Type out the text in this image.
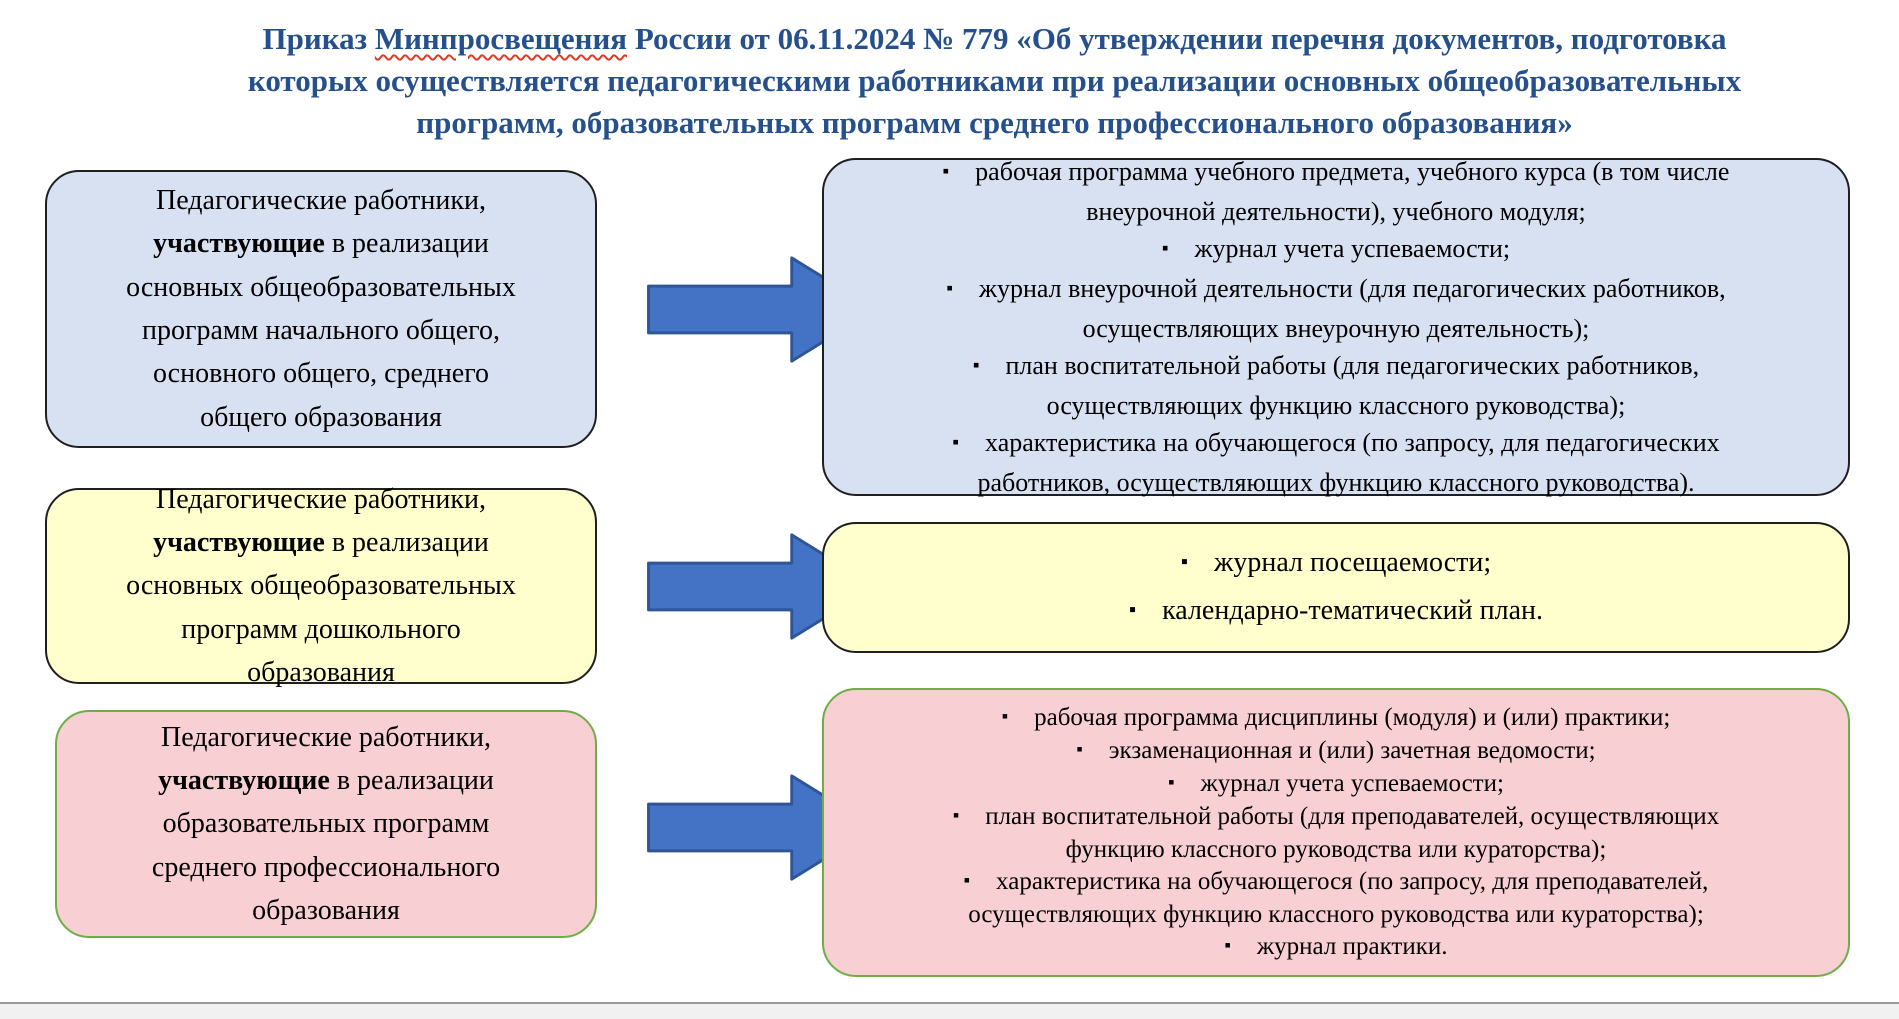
Приказ Минпросвещения России от 06.11.2024 № 779 «Об утверждении перечня документов, подготовка
которых осуществляется педагогическими работниками при реализации основных общеобразовательных
программ, образовательных программ среднего профессионального образования»
Педагогические работники,
участвующие в реализации
основных общеобразовательных
программ начального общего,
основного общего, среднего
общего образования
▪ рабочая программа учебного предмета, учебного курса (в том числе
внеурочной деятельности), учебного модуля;
▪ журнал учета успеваемости;
▪ журнал внеурочной деятельности (для педагогических работников,
осуществляющих внеурочную деятельность);
▪ план воспитательной работы (для педагогических работников,
осуществляющих функцию классного руководства);
▪ характеристика на обучающегося (по запросу, для педагогических
работников, осуществляющих функцию классного руководства).
Педагогические работники,
участвующие в реализации
основных общеобразовательных
программ дошкольного
образования
▪ журнал посещаемости;
▪ календарно-тематический план.
Педагогические работники,
участвующие в реализации
образовательных программ
среднего профессионального
образования
▪ рабочая программа дисциплины (модуля) и (или) практики;
▪ экзаменационная и (или) зачетная ведомости;
▪ журнал учета успеваемости;
▪ план воспитательной работы (для преподавателей, осуществляющих
функцию классного руководства или кураторства);
▪ характеристика на обучающегося (по запросу, для преподавателей,
осуществляющих функцию классного руководства или кураторства);
▪ журнал практики.
